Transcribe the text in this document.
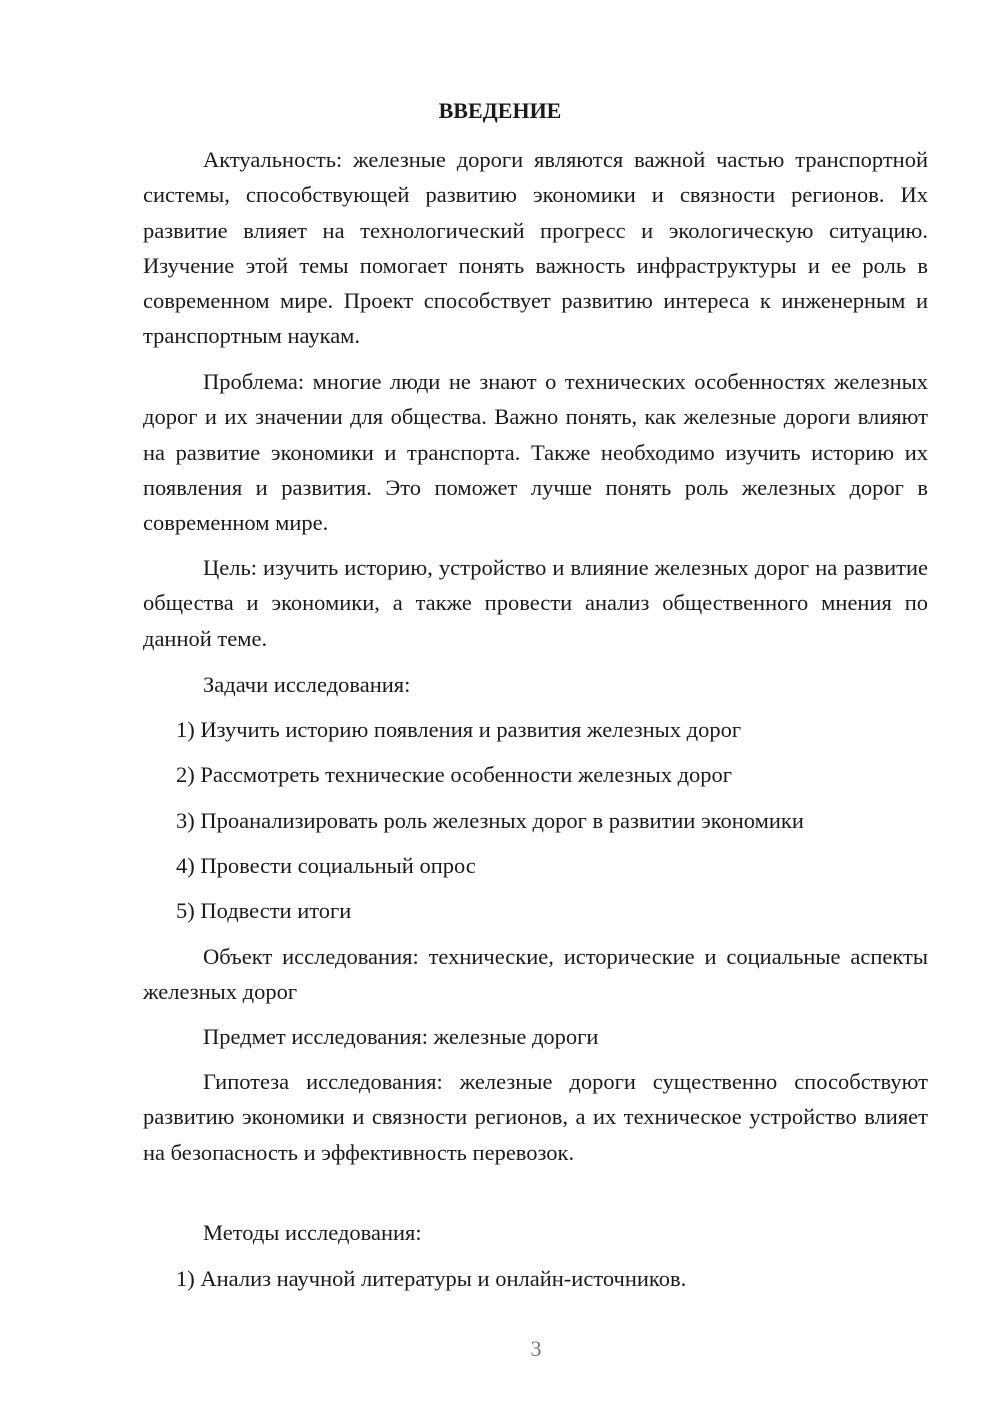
ВВЕДЕНИЕ

Актуальность: железные дороги являются важной частью транспортной системы, способствующей развитию экономики и связности регионов. Их развитие влияет на технологический прогресс и экологическую ситуацию. Изучение этой темы помогает понять важность инфраструктуры и ее роль в современном мире. Проект способствует развитию интереса к инженерным и транспортным наукам.

Проблема: многие люди не знают о технических особенностях железных дорог и их значении для общества. Важно понять, как железные дороги влияют на развитие экономики и транспорта. Также необходимо изучить историю их появления и развития. Это поможет лучше понять роль железных дорог в современном мире.

Цель: изучить историю, устройство и влияние железных дорог на развитие общества и экономики, а также провести анализ общественного мнения по данной теме.

Задачи исследования:

1) Изучить историю появления и развития железных дорог

2) Рассмотреть технические особенности железных дорог

3) Проанализировать роль железных дорог в развитии экономики

4) Провести социальный опрос

5) Подвести итоги

Объект исследования: технические, исторические и социальные аспекты железных дорог

Предмет исследования: железные дороги

Гипотеза исследования: железные дороги существенно способствуют развитию экономики и связности регионов, а их техническое устройство влияет на безопасность и эффективность перевозок.

Методы исследования:

1) Анализ научной литературы и онлайн-источников.

3
